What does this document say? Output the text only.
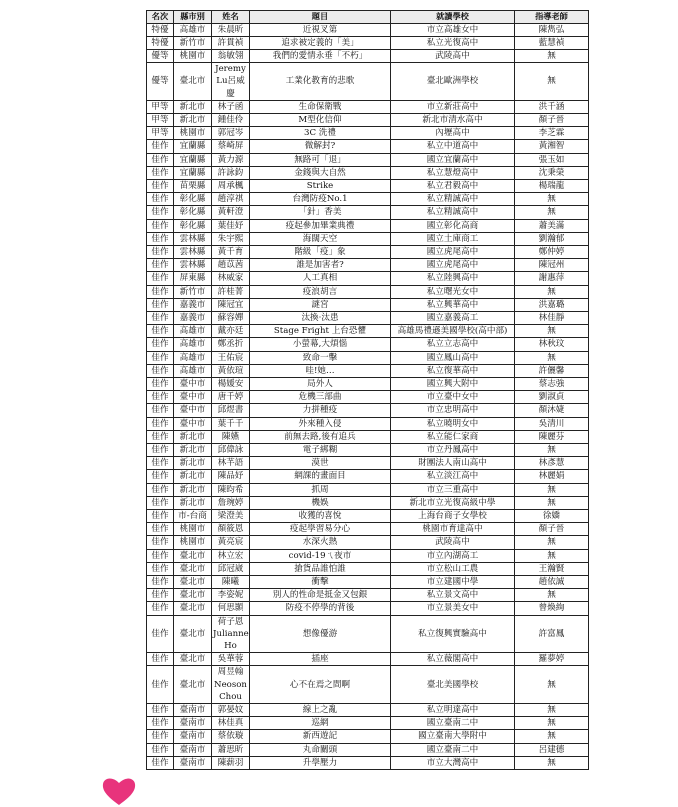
名次	縣市別	姓名	題目	就讀學校	指導老師
特優	高雄市	朱晨昕	近視叉第	市立高雄女中	陳雋弘
特優	新竹市	許貫禎	追求被定義的「美」	私立光復高中	藍慧禎
優等	桃園市	翁敏翎	我們的愛情永垂「不朽」	武陵高中	無
優等	臺北市	Jeremy Lu呂威慶	工業化教育的悲歌	臺北歐洲學校	無
甲等	新北市	林子函	生命保衛戰	市立新莊高中	洪千涵
甲等	新北市	鍾佳伶	M型化信仰	新北市清水高中	顏子晉
甲等	桃園市	郭冠岑	3C 洗禮	內壢高中	李芝霖
佳作	宜蘭縣	蔡崎屏	微解封?	私立中道高中	黃湘智
佳作	宜蘭縣	黃力源	無路可「退」	國立宜蘭高中	張玉如
佳作	宜蘭縣	許詠鈞	金錢與大自然	私立慧燈高中	沈秉榮
佳作	苗栗縣	周承楓	Strike	私立君毅高中	楊瑞龍
佳作	彰化縣	趙淳祺	台灣防疫No.1	私立精誠高中	無
佳作	彰化縣	黃軒澄	「針」香美	私立精誠高中	無
佳作	彰化縣	葉佳妤	疫起參加畢業典禮	國立彰化高商	蕭美滿
佳作	雲林縣	朱宇熙	海闊天空	國立土庫商工	劉瀚郁
佳作	雲林縣	黃千育	階級「疫」象	國立虎尾高中	鄭仲婷
佳作	雲林縣	趙苡茜	誰是加害者?	國立虎尾高中	陳冠州
佳作	屏東縣	林威家	人工真相	私立陸興高中	謝惠萍
佳作	新竹市	許桂菁	疫浪胡言	私立曙光女中	無
佳作	嘉義市	陳冠宜	謎宮	私立興華高中	洪嘉璐
佳作	嘉義市	蘇容嬋	汰換·汰患	國立嘉義高工	林佳靜
佳作	高雄市	戴亦廷	Stage Fright 上台恐懼	高雄馬禮遜美國學校(高中部)	無
佳作	高雄市	鄭丞折	小螢幕,大煩惱	私立立志高中	林秋玟
佳作	高雄市	王佑宸	致命一擊	國立鳳山高中	無
佳作	高雄市	黃依瑄	哇!她…	私立復華高中	許儷馨
佳作	臺中市	楊媛安	局外人	國立興大附中	蔡志強
佳作	臺中市	唐千婷	危機三部曲	市立臺中女中	劉淑貞
佳作	臺中市	邱煜書	力拼種疫	市立忠明高中	顏沐婕
佳作	臺中市	葉千千	外來種入侵	私立曉明女中	吳清川
佳作	新北市	陳嬿	前無去路,後有追兵	私立能仁家商	陳麗芬
佳作	新北市	邱偉詠	電子綁糊	市立丹鳳高中	無
佳作	新北市	林芊語	漠世	財團法人南山高中	林彥慧
佳作	新北市	陳品妤	網課的畫面目	私立淡江高中	林麗娟
佳作	新北市	陳昀希	抓周	市立三重高中	無
佳作	新北市	詹琬婷	機娛	新北市立光復高級中學	無
佳作	市-台商	梁澄美	收獲的喜悅	上海台商子女學校	徐嬌
佳作	桃園市	顏筱恩	疫起學習易分心	桃園市育達高中	顏子晉
佳作	桃園市	黃亮宸	水深火熱	武陵高中	無
佳作	臺北市	林立宏	covid-19ㄟ夜市	市立內湖高工	無
佳作	臺北市	邱冠崴	搶貨品誰怕誰	市立松山工農	王瀚賢
佳作	臺北市	陳曦	衝擊	市立建國中學	趙依誠
佳作	臺北市	李姿妮	別人的性命是抵金又包銀	私立景文高中	無
佳作	臺北市	何思顥	防疫不停學的背後	市立景美女中	曾煥絢
佳作	臺北市	荷子恩 Julianne Ho	想像優游	私立復興實驗高中	許富鳳
佳作	臺北市	吳華蓉	插座	私立薇閣高中	羅夢婷
佳作	臺北市	周昱翰 Neoson Chou	心不在焉之間啊	臺北美國學校	無
佳作	臺南市	郭晏妏	線上之亂	私立明達高中	無
佳作	臺南市	林佳真	巡網	國立臺南二中	無
佳作	臺南市	蔡依璇	新西遊記	國立臺南大學附中	無
佳作	臺南市	蕭思昕	丸命關頭	國立臺南二中	呂建德
佳作	臺南市	陳薪羽	升學壓力	市立大灣高中	無
